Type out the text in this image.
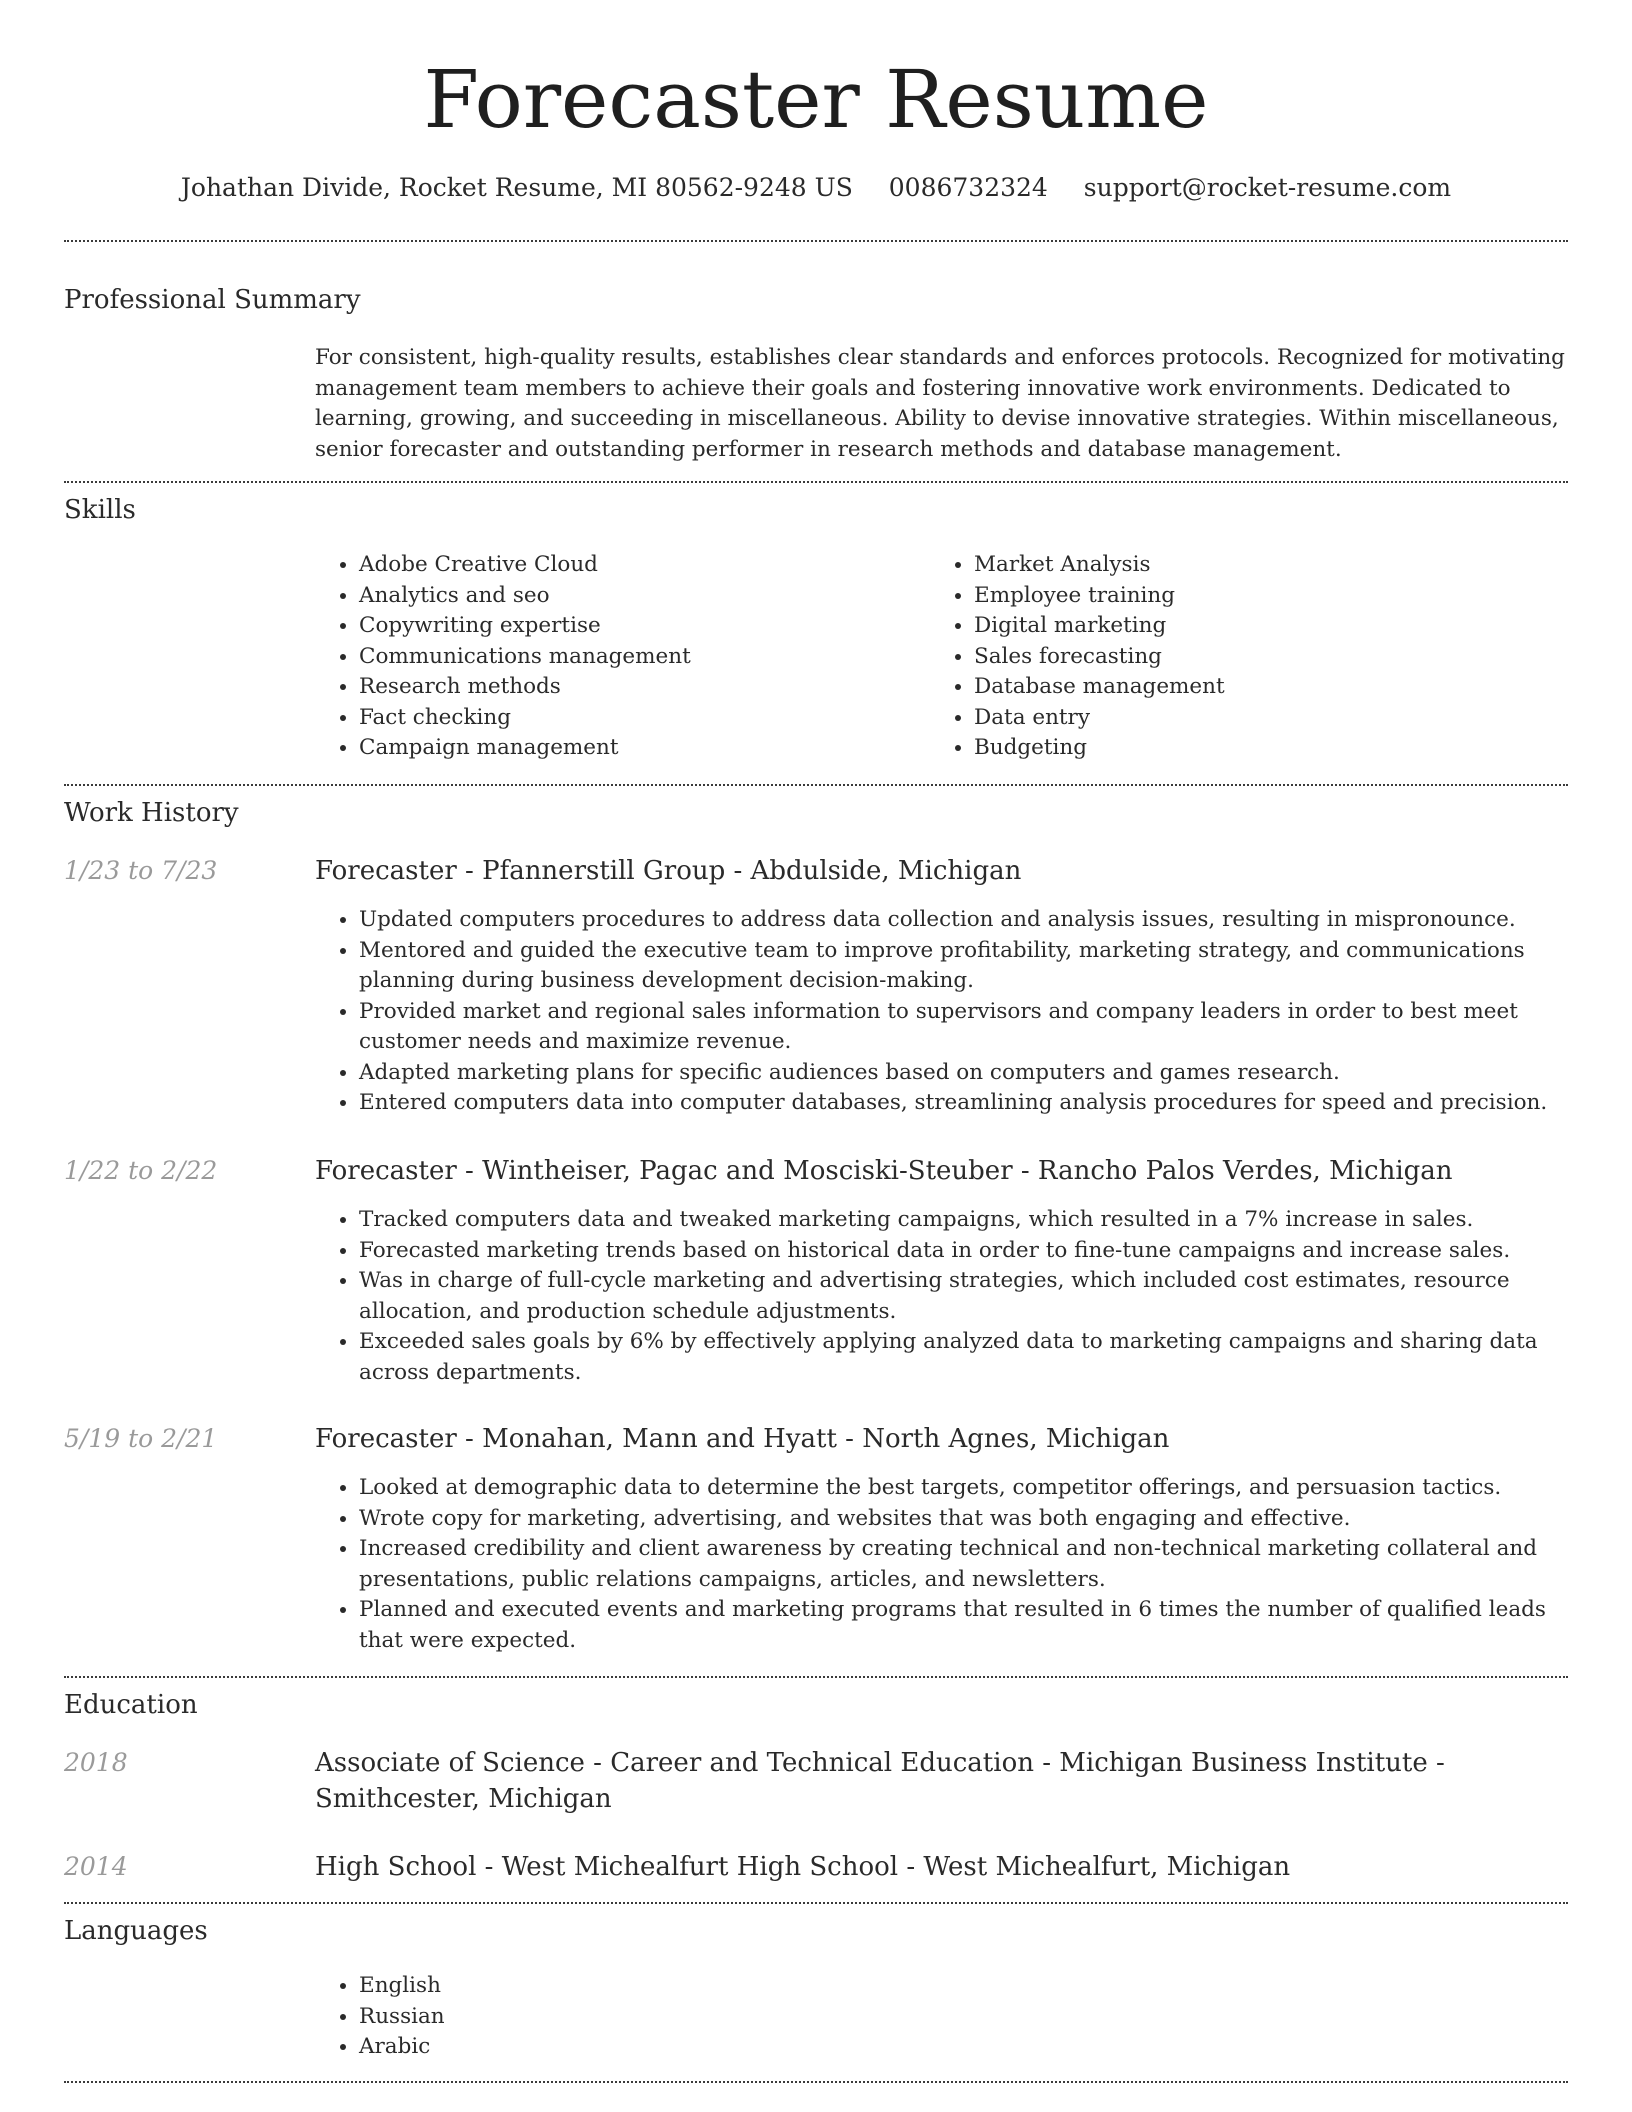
Forecaster Resume
Johathan Divide, Rocket Resume, MI 80562-9248 US 0086732324 support@rocket-resume.com
Professional Summary

For consistent, high-quality results, establishes clear standards and enforces protocols. Recognized for motivating management team members to achieve their goals and fostering innovative work environments. Dedicated to learning, growing, and succeeding in miscellaneous. Ability to devise innovative strategies. Within miscellaneous, senior forecaster and outstanding performer in research methods and database management.

Skills
• Adobe Creative Cloud
• Analytics and seo
• Copywriting expertise
• Communications management
• Research methods
• Fact checking
• Campaign management
• Market Analysis
• Employee training
• Digital marketing
• Sales forecasting
• Database management
• Data entry
• Budgeting
Work History
1/23 to 7/23	Forecaster - Pfannerstill Group - Abdulside, Michigan
• Updated computers procedures to address data collection and analysis issues, resulting in mispronounce.
• Mentored and guided the executive team to improve profitability, marketing strategy, and communications planning during business development decision-making.
• Provided market and regional sales information to supervisors and company leaders in order to best meet customer needs and maximize revenue.
• Adapted marketing plans for specific audiences based on computers and games research.
• Entered computers data into computer databases, streamlining analysis procedures for speed and precision.
1/22 to 2/22	Forecaster - Wintheiser, Pagac and Mosciski-Steuber - Rancho Palos Verdes, Michigan
• Tracked computers data and tweaked marketing campaigns, which resulted in a 7% increase in sales.
• Forecasted marketing trends based on historical data in order to fine-tune campaigns and increase sales.
• Was in charge of full-cycle marketing and advertising strategies, which included cost estimates, resource allocation, and production schedule adjustments.
• Exceeded sales goals by 6% by effectively applying analyzed data to marketing campaigns and sharing data across departments.
5/19 to 2/21	Forecaster - Monahan, Mann and Hyatt - North Agnes, Michigan
• Looked at demographic data to determine the best targets, competitor offerings, and persuasion tactics.
• Wrote copy for marketing, advertising, and websites that was both engaging and effective.
• Increased credibility and client awareness by creating technical and non-technical marketing collateral and presentations, public relations campaigns, articles, and newsletters.
• Planned and executed events and marketing programs that resulted in 6 times the number of qualified leads that were expected.
Education
2018	Associate of Science - Career and Technical Education - Michigan Business Institute - Smithcester, Michigan
2014	High School - West Michealfurt High School - West Michealfurt, Michigan
Languages
• English
• Russian
• Arabic
